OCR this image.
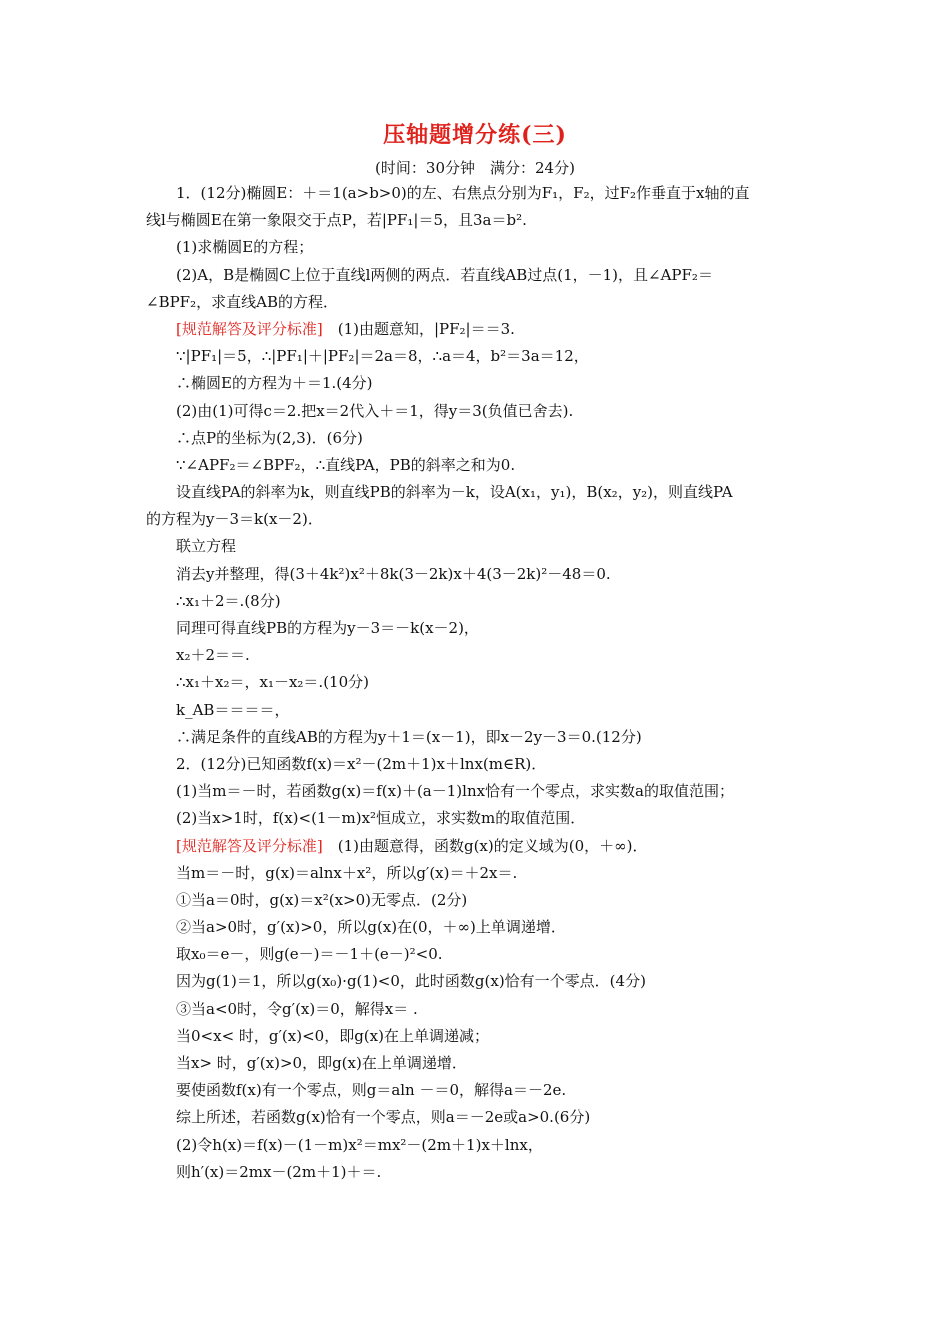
压轴题增分练(三)
(时间：30分钟　满分：24分)
1．(12分)椭圆E：＋＝1(a>b>0)的左、右焦点分别为F₁，F₂，过F₂作垂直于x轴的直
线l与椭圆E在第一象限交于点P，若|PF₁|＝5，且3a＝b².
(1)求椭圆E的方程；
(2)A，B是椭圆C上位于直线l两侧的两点．若直线AB过点(1，－1)，且∠APF₂＝
∠BPF₂，求直线AB的方程．
[规范解答及评分标准]　(1)由题意知，|PF₂|＝＝3.
∵|PF₁|＝5，∴|PF₁|＋|PF₂|＝2a＝8，∴a＝4，b²＝3a＝12，
∴椭圆E的方程为＋＝1.(4分)
(2)由(1)可得c＝2.把x＝2代入＋＝1，得y＝3(负值已舍去).
∴点P的坐标为(2,3)．(6分)
∵∠APF₂＝∠BPF₂，∴直线PA，PB的斜率之和为0.
设直线PA的斜率为k，则直线PB的斜率为－k，设A(x₁，y₁)，B(x₂，y₂)，则直线PA
的方程为y－3＝k(x－2)．
联立方程
消去y并整理，得(3＋4k²)x²＋8k(3－2k)x＋4(3－2k)²－48＝0.
∴x₁＋2＝.(8分)
同理可得直线PB的方程为y－3＝－k(x－2)，
x₂＋2＝＝.
∴x₁＋x₂＝，x₁－x₂＝.(10分)
k_AB＝＝＝＝，
∴满足条件的直线AB的方程为y＋1＝(x－1)，即x－2y－3＝0.(12分)
2．(12分)已知函数f(x)＝x²－(2m＋1)x＋lnx(m∈R)．
(1)当m＝－时，若函数g(x)＝f(x)＋(a－1)lnx恰有一个零点，求实数a的取值范围；
(2)当x>1时，f(x)<(1－m)x²恒成立，求实数m的取值范围．
[规范解答及评分标准]　(1)由题意得，函数g(x)的定义域为(0，＋∞)．
当m＝－时，g(x)＝alnx＋x²，所以g′(x)＝＋2x＝.
①当a＝0时，g(x)＝x²(x>0)无零点．(2分)
②当a>0时，g′(x)>0，所以g(x)在(0，＋∞)上单调递增．
取x₀＝e－，则g(e－)＝－1＋(e－)²<0.
因为g(1)＝1，所以g(x₀)·g(1)<0，此时函数g(x)恰有一个零点．(4分)
③当a<0时，令g′(x)＝0，解得x＝ .
当0<x< 时，g′(x)<0，即g(x)在上单调递减；
当x> 时，g′(x)>0，即g(x)在上单调递增．
要使函数f(x)有一个零点，则g＝aln －＝0，解得a＝－2e.
综上所述，若函数g(x)恰有一个零点，则a＝－2e或a>0.(6分)
(2)令h(x)＝f(x)－(1－m)x²＝mx²－(2m＋1)x＋lnx，
则h′(x)＝2mx－(2m＋1)＋＝.
